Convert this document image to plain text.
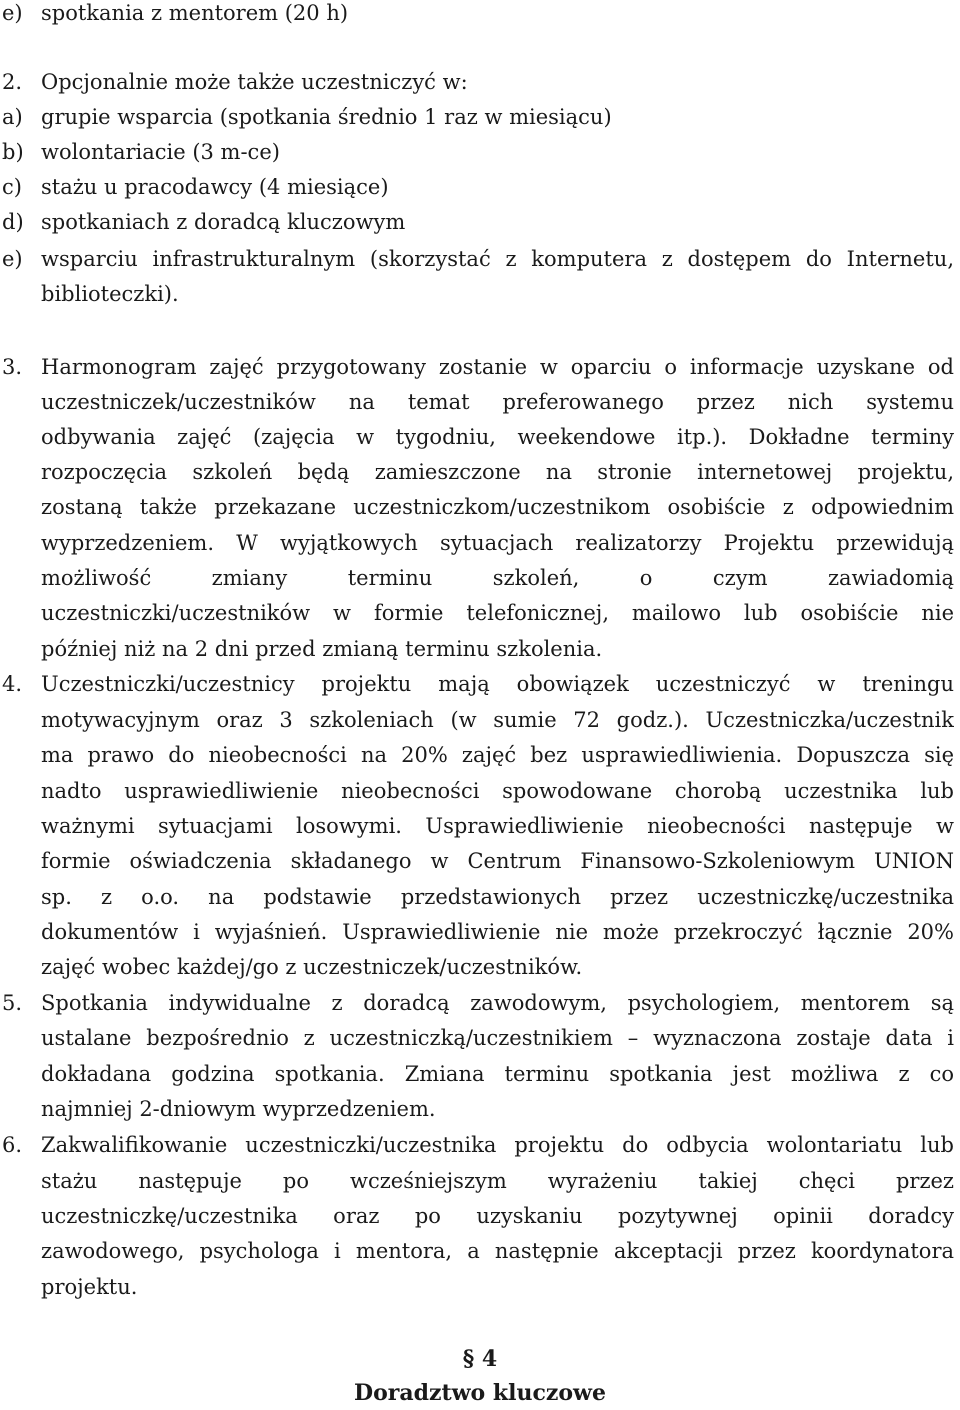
e) spotkania z mentorem (20 h)
2. Opcjonalnie może także uczestniczyć w:
a) grupie wsparcia (spotkania średnio 1 raz w miesiącu)
b) wolontariacie (3 m-ce)
c) stażu u pracodawcy (4 miesiące)
d) spotkaniach z doradcą kluczowym
e) wsparciu infrastrukturalnym (skorzystać z komputera z dostępem do Internetu,
biblioteczki).
3. Harmonogram zajęć przygotowany zostanie w oparciu o informacje uzyskane od
uczestniczek/uczestników na temat preferowanego przez nich systemu
odbywania zajęć (zajęcia w tygodniu, weekendowe itp.). Dokładne terminy
rozpoczęcia szkoleń będą zamieszczone na stronie internetowej projektu,
zostaną także przekazane uczestniczkom/uczestnikom osobiście z odpowiednim
wyprzedzeniem. W wyjątkowych sytuacjach realizatorzy Projektu przewidują
możliwość zmiany terminu szkoleń, o czym zawiadomią
uczestniczki/uczestników w formie telefonicznej, mailowo lub osobiście nie
później niż na 2 dni przed zmianą terminu szkolenia.
4. Uczestniczki/uczestnicy projektu mają obowiązek uczestniczyć w treningu
motywacyjnym oraz 3 szkoleniach (w sumie 72 godz.). Uczestniczka/uczestnik
ma prawo do nieobecności na 20% zajęć bez usprawiedliwienia. Dopuszcza się
nadto usprawiedliwienie nieobecności spowodowane chorobą uczestnika lub
ważnymi sytuacjami losowymi. Usprawiedliwienie nieobecności następuje w
formie oświadczenia składanego w Centrum Finansowo-Szkoleniowym UNION
sp. z o.o. na podstawie przedstawionych przez uczestniczkę/uczestnika
dokumentów i wyjaśnień. Usprawiedliwienie nie może przekroczyć łącznie 20%
zajęć wobec każdej/go z uczestniczek/uczestników.
5. Spotkania indywidualne z doradcą zawodowym, psychologiem, mentorem są
ustalane bezpośrednio z uczestniczką/uczestnikiem – wyznaczona zostaje data i
dokładana godzina spotkania. Zmiana terminu spotkania jest możliwa z co
najmniej 2-dniowym wyprzedzeniem.
6. Zakwalifikowanie uczestniczki/uczestnika projektu do odbycia wolontariatu lub
stażu następuje po wcześniejszym wyrażeniu takiej chęci przez
uczestniczkę/uczestnika oraz po uzyskaniu pozytywnej opinii doradcy
zawodowego, psychologa i mentora, a następnie akceptacji przez koordynatora
projektu.
§ 4
Doradztwo kluczowe
